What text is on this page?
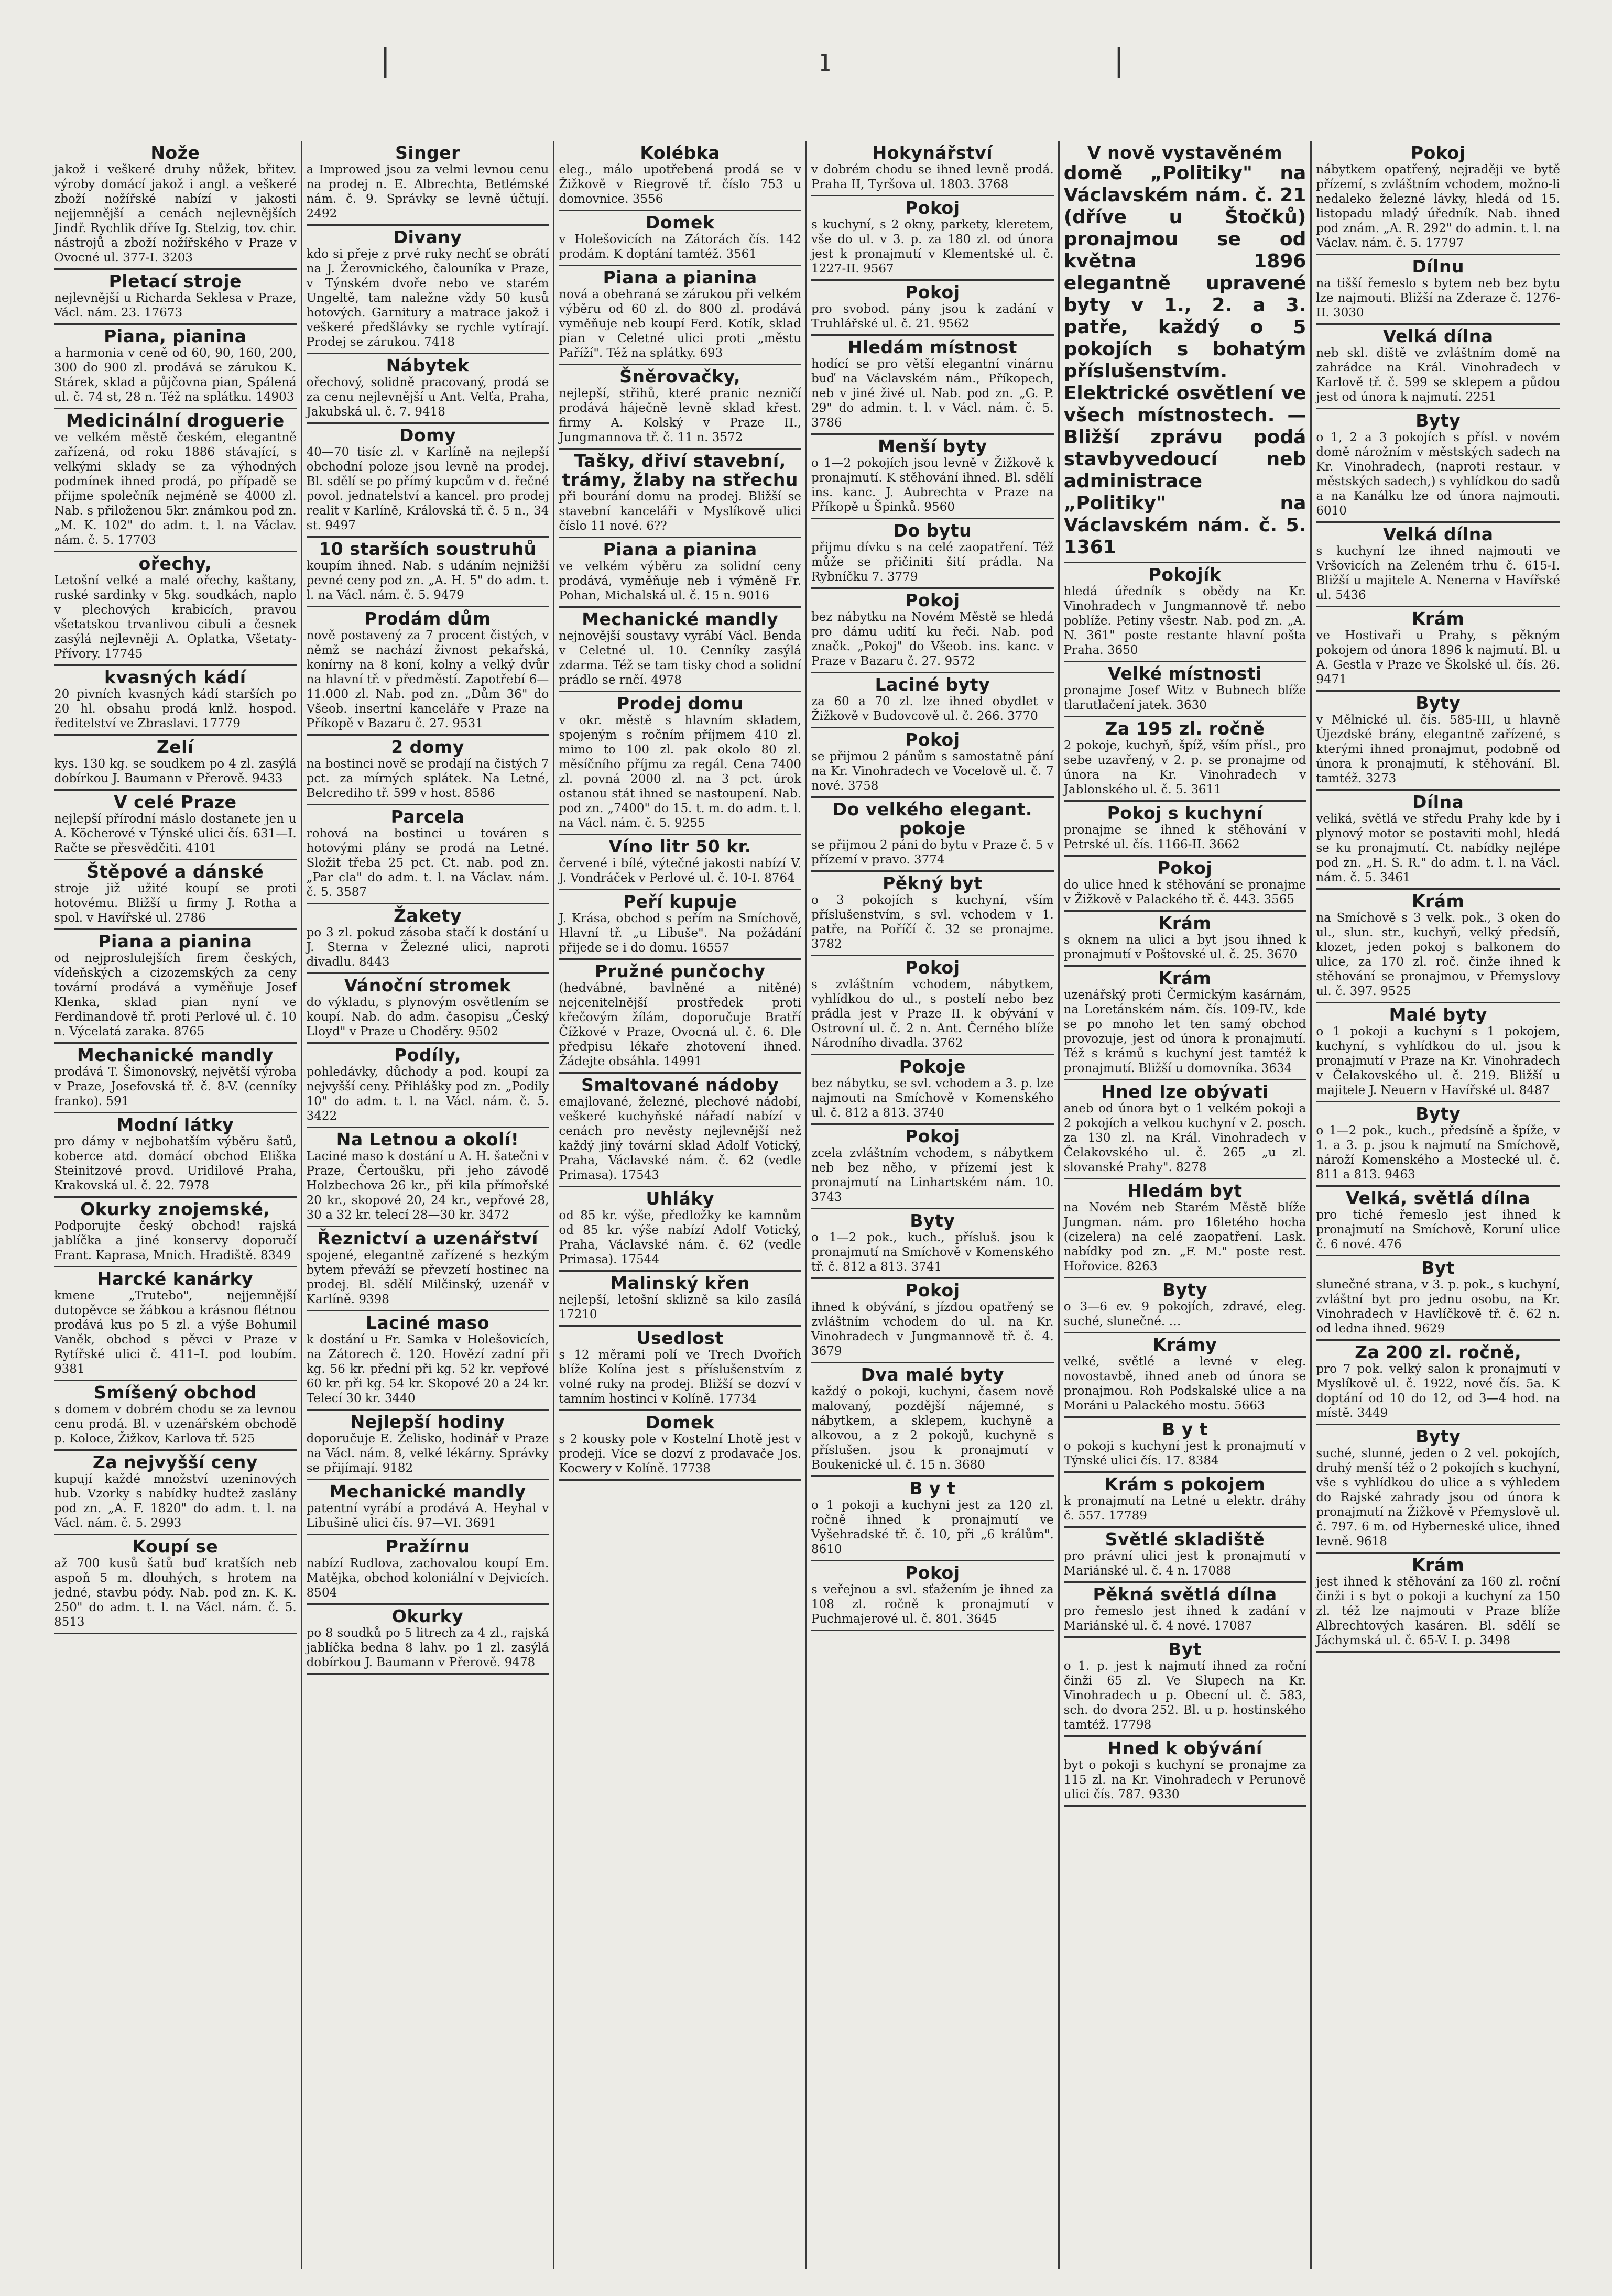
|	ı	|
Nože

jakož i veškeré druhy nůžek, břitev. výroby domácí jakož i angl. a veškeré zboží nožířské nabízí v jakosti nejjemnější a cenách nejlevnějších Jindř. Rychlik dříve Ig. Stelzig, tov. chir. nástrojů a zboží nožířského v Praze v Ovocné ul. 377-I. 3203

Pletací stroje

nejlevnější u Richarda Seklesa v Praze, Václ. nám. 23. 17673

Piana, pianina

a harmonia v ceně od 60, 90, 160, 200, 300 do 900 zl. prodává se zárukou K. Stárek, sklad a půjčovna pian, Spálená ul. č. 74 st, 28 n. Též na splátku. 14903

Medicinální droguerie

ve velkém městě českém, elegantně zařízená, od roku 1886 stávající, s velkými sklady se za výhodných podmínek ihned prodá, po případě se přijme společník nejméně se 4000 zl. Nab. s přiloženou 5kr. známkou pod zn. „M. K. 102" do adm. t. l. na Václav. nám. č. 5. 17703

ořechy,

Letošní velké a malé ořechy, kaštany, ruské sardinky v 5kg. soudkách, naplo v plechových krabicích, pravou všetatskou trvanlivou cibuli a česnek zasýlá nejlevněji A. Oplatka, Všetaty-Přívory. 17745

kvasných kádí

20 pivních kvasných kádí starších po 20 hl. obsahu prodá knlž. hospod. ředitelství ve Zbraslavi. 17779

Zelí

kys. 130 kg. se soudkem po 4 zl. zasýlá dobírkou J. Baumann v Přerově. 9433

V celé Praze

nejlepší přírodní máslo dostanete jen u A. Köcherové v Týnské ulici čís. 631—I. Račte se přesvědčiti. 4101

Štěpové a dánské

stroje již užité koupí se proti hotovému. Bližší u firmy J. Rotha a spol. v Havířské ul. 2786

Piana a pianina

od nejproslulejších firem českých, vídeňských a cizozemských za ceny tovární prodává a vyměňuje Josef Klenka, sklad pian nyní ve Ferdinandově tř. proti Perlové ul. č. 10 n. Výcelatá zaraka. 8765

Mechanické mandly

prodává T. Šimonovský, největší výroba v Praze, Josefovská tř. č. 8-V. (cenníky franko). 591

Modní látky

pro dámy v nejbohatším výběru šatů, koberce atd. domácí obchod Eliška Steinitzové provd. Uridilové Praha, Krakovská ul. č. 22. 7978

Okurky znojemské,

Podporujte český obchod! rajská jablíčka a jiné konservy doporučí Frant. Kaprasa, Mnich. Hradiště. 8349

Harcké kanárky

kmene „Trutebo", nejjemnější dutopěvce se žábkou a krásnou flétnou prodává kus po 5 zl. a výše Bohumil Vaněk, obchod s pěvci v Praze v Rytířské ulici č. 411–I. pod loubím. 9381

Smíšený obchod

s domem v dobrém chodu se za levnou cenu prodá. Bl. v uzenářském obchodě p. Koloce, Žižkov, Karlova tř. 525

Za nejvyšší ceny

kupují každé množství uzeninových hub. Vzorky s nabídky hudtež zaslány pod zn. „A. F. 1820" do adm. t. l. na Václ. nám. č. 5. 2993

Koupí se

až 700 kusů šatů buď kratších neb aspoň 5 m. dlouhých, s hrotem na jedné, stavbu pódy. Nab. pod zn. K. K. 250" do adm. t. l. na Václ. nám. č. 5. 8513

Singer

a Improwed jsou za velmi levnou cenu na prodej n. E. Albrechta, Betlémské nám. č. 9. Správky se levně účtují. 2492

Divany

kdo si přeje z prvé ruky nechť se obrátí na J. Žerovnického, čalouníka v Praze, v Týnském dvoře nebo ve starém Ungeltě, tam naležne vždy 50 kusů hotových. Garnitury a matrace jakož i veškeré předšlávky se rychle vytírají. Prodej se zárukou. 7418

Nábytek

ořechový, solidně pracovaný, prodá se za cenu nejlevnější u Ant. Velťa, Praha, Jakubská ul. č. 7. 9418

Domy

40—70 tisíc zl. v Karlíně na nejlepší obchodní poloze jsou levně na prodej. Bl. sdělí se po přímý kupcům v d. řečné povol. jednatelství a kancel. pro prodej realit v Karlíně, Královská tř. č. 5 n., 34 st. 9497

10 starších soustruhů

koupím ihned. Nab. s udáním nejnižší pevné ceny pod zn. „A. H. 5" do adm. t. l. na Václ. nám. č. 5. 9479

Prodám dům

nově postavený za 7 procent čistých, v němž se nachází živnost pekařská, konírny na 8 koní, kolny a velký dvůr na hlavní tř. v předměstí. Zapotřebí 6—11.000 zl. Nab. pod zn. „Dům 36" do Všeob. insertní kanceláře v Praze na Příkopě v Bazaru č. 27. 9531

2 domy

na bostinci nově se prodají na čistých 7 pct. za mírných splátek. Na Letné, Belcrediho tř. 599 v host. 8586

Parcela

rohová na bostinci u továren s hotovými plány se prodá na Letné. Složit třeba 25 pct. Ct. nab. pod zn. „Par cla" do adm. t. l. na Václav. nám. č. 5. 3587

Žakety

po 3 zl. pokud zásoba stačí k dostání u J. Sterna v Železné ulici, naproti divadlu. 8443

Vánoční stromek

do výkladu, s plynovým osvětlením se koupí. Nab. do adm. časopisu „Český Lloyd" v Praze u Choděry. 9502

Podíly,

pohledávky, důchody a pod. koupí za nejvyšší ceny. Přihlášky pod zn. „Podily 10" do adm. t. l. na Václ. nám. č. 5. 3422

Na Letnou a okolí!

Laciné maso k dostání u A. H. šatečni v Praze, Čertoušku, při jeho závodě Holzbechova 26 kr., při kila přímořské 20 kr., skopové 20, 24 kr., vepřové 28, 30 a 32 kr. telecí 28—30 kr. 3472

Řeznictví a uzenářství

spojené, elegantně zařízené s hezkým bytem převáží se převzetí hostinec na prodej. Bl. sdělí Milčinský, uzenář v Karlíně. 9398

Laciné maso

k dostání u Fr. Samka v Holešovicích, na Zátorech č. 120. Hovězí zadní při kg. 56 kr. přední při kg. 52 kr. vepřové 60 kr. při kg. 54 kr. Skopové 20 a 24 kr. Telecí 30 kr. 3440

Nejlepší hodiny

doporučuje E. Želisko, hodinář v Praze na Václ. nám. 8, velké lékárny. Správky se přijímají. 9182

Mechanické mandly

patentní vyrábí a prodává A. Heyhal v Libušině ulici čís. 97—VI. 3691

Pražírnu

nabízí Rudlova, zachovalou koupí Em. Matějka, obchod koloniální v Dejvicích. 8504

Okurky

po 8 soudků po 5 litrech za 4 zl., rajská jablíčka bedna 8 lahv. po 1 zl. zasýlá dobírkou J. Baumann v Přerově. 9478

Kolébka

eleg., málo upotřebená prodá se v Žižkově v Riegrově tř. číslo 753 u domovnice. 3556

Domek

v Holešovicích na Zátorách čís. 142 prodám. K doptání tamtéž. 3561

Piana a pianina

nová a obehraná se zárukou při velkém výběru od 60 zl. do 800 zl. prodává vyměňuje neb koupí Ferd. Kotík, sklad pian v Celetné ulici proti „městu Paříží". Též na splátky. 693

Šněrovačky,

nejlepší, střihů, které pranic nezničí prodává háječně levně sklad křest. firmy A. Kolský v Praze II., Jungmannova tř. č. 11 n. 3572

Tašky, dřiví stavební, trámy, žlaby na střechu

při bourání domu na prodej. Bližší se stavební kanceláři v Myslíkově ulici číslo 11 nové. 6??

Piana a pianina

ve velkém výběru za solidní ceny prodává, vyměňuje neb i výměně Fr. Pohan, Michalská ul. č. 15 n. 9016

Mechanické mandly

nejnovější soustavy vyrábí Václ. Benda v Celetné ul. 10. Cenníky zasýlá zdarma. Též se tam tisky chod a solidní prádlo se rnčí. 4978

Prodej domu

v okr. městě s hlavním skladem, spojeným s ročním příjmem 410 zl. mimo to 100 zl. pak okolo 80 zl. měsíčního příjmu za regál. Cena 7400 zl. povná 2000 zl. na 3 pct. úrok ostanou stát ihned se nastoupení. Nab. pod zn. „7400" do 15. t. m. do adm. t. l. na Václ. nám. č. 5. 9255

Víno litr 50 kr.

červené i bílé, výtečné jakosti nabízí V. J. Vondráček v Perlové ul. č. 10-I. 8764

Peří kupuje

J. Krása, obchod s peřím na Smíchově, Hlavní tř. „u Libuše". Na požádání přijede se i do domu. 16557

Pružné punčochy

(hedvábné, bavlněné a nitěné) nejcenitelnější prostředek proti křečovým žílám, doporučuje Bratří Čížkové v Praze, Ovocná ul. č. 6. Dle předpisu lékaře zhotovení ihned. Žádejte obsáhla. 14991

Smaltované nádoby

emajlované, železné, plechové nádobí, veškeré kuchyňské nářadí nabízí v cenách pro nevěsty nejlevnější než každý jiný tovární sklad Adolf Votický, Praha, Václavské nám. č. 62 (vedle Primasa). 17543

Uhláky

od 85 kr. výše, předložky ke kamnům od 85 kr. výše nabízí Adolf Votický, Praha, Václavské nám. č. 62 (vedle Primasa). 17544

Malinský křen

nejlepší, letošní sklizně sa kilo zasílá 17210

Usedlost

s 12 měrami polí ve Trech Dvořích blíže Kolína jest s příslušenstvím z volné ruky na prodej. Bližší se dozví v tamním hostinci v Kolíně. 17734

Domek

s 2 kousky pole v Kostelní Lhotě jest v prodeji. Více se dozví z prodavače Jos. Kocwery v Kolíně. 17738

Hokynářství

v dobrém chodu se ihned levně prodá. Praha II, Tyršova ul. 1803. 3768

Pokoj

s kuchyní, s 2 okny, parkety, kleretem, vše do ul. v 3. p. za 180 zl. od února jest k pronajmutí v Klementské ul. č. 1227-II. 9567

Pokoj

pro svobod. pány jsou k zadání v Truhlářské ul. č. 21. 9562

Hledám místnost

hodící se pro větší elegantní vinárnu buď na Václavském nám., Příkopech, neb v jiné živé ul. Nab. pod zn. „G. P. 29" do admin. t. l. v Václ. nám. č. 5. 3786

Menší byty

o 1—2 pokojích jsou levně v Žižkově k pronajmutí. K stěhování ihned. Bl. sdělí ins. kanc. J. Aubrechta v Praze na Příkopě u Špinků. 9560

Do bytu

přijmu dívku s na celé zaopatření. Též může se přičiniti šití prádla. Na Rybníčku 7. 3779

Pokoj

bez nábytku na Novém Městě se hledá pro dámu udití ku řeči. Nab. pod značk. „Pokoj" do Všeob. ins. kanc. v Praze v Bazaru č. 27. 9572

Laciné byty

za 60 a 70 zl. lze ihned obydlet v Žižkově v Budovcově ul. č. 266. 3770

Pokoj

se přijmou 2 pánům s samostatně pání na Kr. Vinohradech ve Vocelově ul. č. 7 nové. 3758

Do velkého elegant. pokoje

se přijmou 2 páni do bytu v Praze č. 5 v přízemí v pravo. 3774

Pěkný byt

o 3 pokojích s kuchyní, vším příslušenstvím, s svl. vchodem v 1. patře, na Poříčí č. 32 se pronajme. 3782

Pokoj

s zvláštním vchodem, nábytkem, vyhlídkou do ul., s postelí nebo bez prádla jest v Praze II. k obývání v Ostrovní ul. č. 2 n. Ant. Černého blíže Národního divadla. 3762

Pokoje

bez nábytku, se svl. vchodem a 3. p. lze najmouti na Smíchově v Komenského ul. č. 812 a 813. 3740

Pokoj

zcela zvláštním vchodem, s nábytkem neb bez něho, v přízemí jest k pronajmutí na Linhartském nám. 10. 3743

Byty

o 1—2 pok., kuch., přísluš. jsou k pronajmutí na Smíchově v Komenského tř. č. 812 a 813. 3741

Pokoj

ihned k obývání, s jízdou opatřený se zvláštním vchodem do ul. na Kr. Vinohradech v Jungmannově tř. č. 4. 3679

Dva malé byty

každý o pokoji, kuchyni, časem nově malovaný, pozdější nájemné, s nábytkem, a sklepem, kuchyně a alkovou, a z 2 pokojů, kuchyně s příslušen. jsou k pronajmutí v Boukenické ul. č. 15 n. 3680

B y t

o 1 pokoji a kuchyni jest za 120 zl. ročně ihned k pronajmutí ve Vyšehradské tř. č. 10, při „6 králům". 8610

Pokoj

s veřejnou a svl. sťažením je ihned za 108 zl. ročně k pronajmutí v Puchmajerové ul. č. 801. 3645

V nově vystavěném

domě „Politiky" na Václavském nám. č. 21 (dříve u Štočků) pronajmou se od května 1896 elegantně upravené byty v 1., 2. a 3. patře, každý o 5 pokojích s bohatým příslušenstvím. Elektrické osvětlení ve všech místnostech. — Bližší zprávu podá stavbyvedoucí neb administrace „Politiky" na Václavském nám. č. 5. 1361

Pokojík

hledá úředník s obědy na Kr. Vinohradech v Jungmannově tř. nebo poblíže. Petiny všestr. Nab. pod zn. „A. N. 361" poste restante hlavní pošta Praha. 3650

Velké místnosti

pronajme Josef Witz v Bubnech blíže tlarutlačení jatek. 3630

Za 195 zl. ročně

2 pokoje, kuchyň, špíž, vším přísl., pro sebe uzavřený, v 2. p. se pronajme od února na Kr. Vinohradech v Jablonského ul. č. 5. 3611

Pokoj s kuchyní

pronajme se ihned k stěhování v Petrské ul. čís. 1166-II. 3662

Pokoj

do ulice hned k stěhování se pronajme v Žižkově v Palackého tř. č. 443. 3565

Krám

s oknem na ulici a byt jsou ihned k pronajmutí v Poštovské ul. č. 25. 3670

Krám

uzenářský proti Čermickým kasárnám, na Loretánském nám. čís. 109-IV., kde se po mnoho let ten samý obchod provozuje, jest od února k pronajmutí. Též s krámů s kuchyní jest tamtéž k pronajmutí. Bližší u domovníka. 3634

Hned lze obývati

aneb od února byt o 1 velkém pokoji a 2 pokojích a velkou kuchyní v 2. posch. za 130 zl. na Král. Vinohradech v Čelakovského ul. č. 265 „u zl. slovanské Prahy". 8278

Hledám byt

na Novém neb Starém Městě blíže Jungman. nám. pro 16letého hocha (cizelera) na celé zaopatření. Lask. nabídky pod zn. „F. M." poste rest. Hořovice. 8263

Byty

o 3—6 ev. 9 pokojích, zdravé, eleg. suché, slunečné. …

Krámy

velké, světlé a levné v eleg. novostavbě, ihned aneb od února se pronajmou. Roh Podskalské ulice a na Moráni u Palackého mostu. 5663

B y t

o pokoji s kuchyní jest k pronajmutí v Týnské ulici čís. 17. 8384

Krám s pokojem

k pronajmutí na Letné u elektr. dráhy č. 557. 17789

Světlé skladiště

pro právní ulici jest k pronajmutí v Mariánské ul. č. 4 n. 17088

Pěkná světlá dílna

pro řemeslo jest ihned k zadání v Mariánské ul. č. 4 nové. 17087

Byt

o 1. p. jest k najmutí ihned za roční činži 65 zl. Ve Slupech na Kr. Vinohradech u p. Obecní ul. č. 583, sch. do dvora 252. Bl. u p. hostinského tamtéž. 17798

Hned k obývání

byt o pokoji s kuchyní se pronajme za 115 zl. na Kr. Vinohradech v Perunově ulici čís. 787. 9330

Pokoj

nábytkem opatřený, nejraději ve bytě přízemí, s zvláštním vchodem, možno-li nedaleko železné lávky, hledá od 15. listopadu mladý úředník. Nab. ihned pod znám. „A. R. 292" do admin. t. l. na Václav. nám. č. 5. 17797

Dílnu

na tišší řemeslo s bytem neb bez bytu lze najmouti. Bližší na Zderaze č. 1276-II. 3030

Velká dílna

neb skl. diště ve zvláštním domě na zahrádce na Král. Vinohradech v Karlově tř. č. 599 se sklepem a půdou jest od února k najmutí. 2251

Byty

o 1, 2 a 3 pokojích s přísl. v novém domě nárožním v městských sadech na Kr. Vinohradech, (naproti restaur. v městských sadech,) s vyhlídkou do sadů a na Kanálku lze od února najmouti. 6010

Velká dílna

s kuchyní lze ihned najmouti ve Vršovicích na Zeleném trhu č. 615-I. Bližší u majitele A. Nenerna v Havířské ul. 5436

Krám

ve Hostivaři u Prahy, s pěkným pokojem od února 1896 k najmutí. Bl. u A. Gestla v Praze ve Školské ul. čís. 26. 9471

Byty

v Mělnické ul. čís. 585-III, u hlavně Újezdské brány, elegantně zařízené, s kterými ihned pronajmut, podobně od února k pronajmutí, k stěhování. Bl. tamtéž. 3273

Dílna

veliká, světlá ve středu Prahy kde by i plynový motor se postaviti mohl, hledá se ku pronajmutí. Ct. nabídky nejlépe pod zn. „H. S. R." do adm. t. l. na Václ. nám. č. 5. 3461

Krám

na Smíchově s 3 velk. pok., 3 oken do ul., slun. str., kuchyň, velký předsíň, klozet, jeden pokoj s balkonem do ulice, za 170 zl. roč. činže ihned k stěhování se pronajmou, v Přemyslovy ul. č. 397. 9525

Malé byty

o 1 pokoji a kuchyní s 1 pokojem, kuchyní, s vyhlídkou do ul. jsou k pronajmutí v Praze na Kr. Vinohradech v Čelakovského ul. č. 219. Bližší u majitele J. Neuern v Havířské ul. 8487

Byty

o 1—2 pok., kuch., předsíně a špíže, v 1. a 3. p. jsou k najmutí na Smíchově, nároží Komenského a Mostecké ul. č. 811 a 813. 9463

Velká, světlá dílna

pro tiché řemeslo jest ihned k pronajmutí na Smíchově, Koruní ulice č. 6 nové. 476

Byt

slunečné strana, v 3. p. pok., s kuchyní, zvláštní byt pro jednu osobu, na Kr. Vinohradech v Havlíčkově tř. č. 62 n. od ledna ihned. 9629

Za 200 zl. ročně,

pro 7 pok. velký salon k pronajmutí v Myslíkově ul. č. 1922, nové čís. 5a. K doptání od 10 do 12, od 3—4 hod. na místě. 3449

Byty

suché, slunné, jeden o 2 vel. pokojích, druhý menší též o 2 pokojích s kuchyní, vše s vyhlídkou do ulice a s výhledem do Rajské zahrady jsou od února k pronajmutí na Žižkově v Přemyslově ul. č. 797. 6 m. od Hyberneské ulice, ihned levně. 9618

Krám

jest ihned k stěhování za 160 zl. roční činži i s byt o pokoji a kuchyní za 150 zl. též lze najmouti v Praze blíže Albrechtových kasáren. Bl. sdělí se Jáchymská ul. č. 65-V. I. p. 3498
